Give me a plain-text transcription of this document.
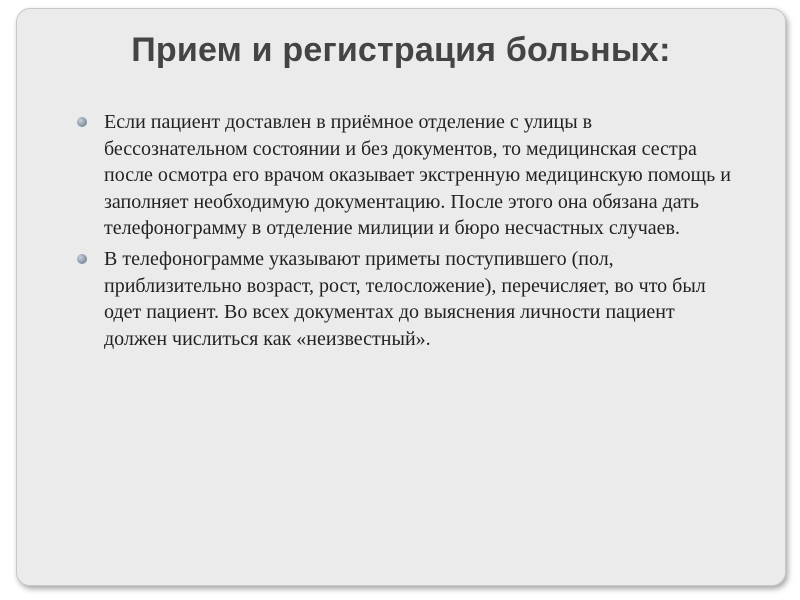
Прием и регистрация больных:
Если пациент доставлен в приёмное отделение с улицы в бессознательном состоянии и без документов, то медицинская сестра после осмотра его врачом оказывает экстренную медицинскую помощь и заполняет необходимую документацию. После этого она обязана дать телефонограмму в отделение милиции и бюро несчастных случаев.
В телефонограмме указывают приметы поступившего (пол, приблизительно возраст, рост, телосложение), перечисляет, во что был одет пациент. Во всех документах до выяснения личности пациент должен числиться как «неизвестный».
